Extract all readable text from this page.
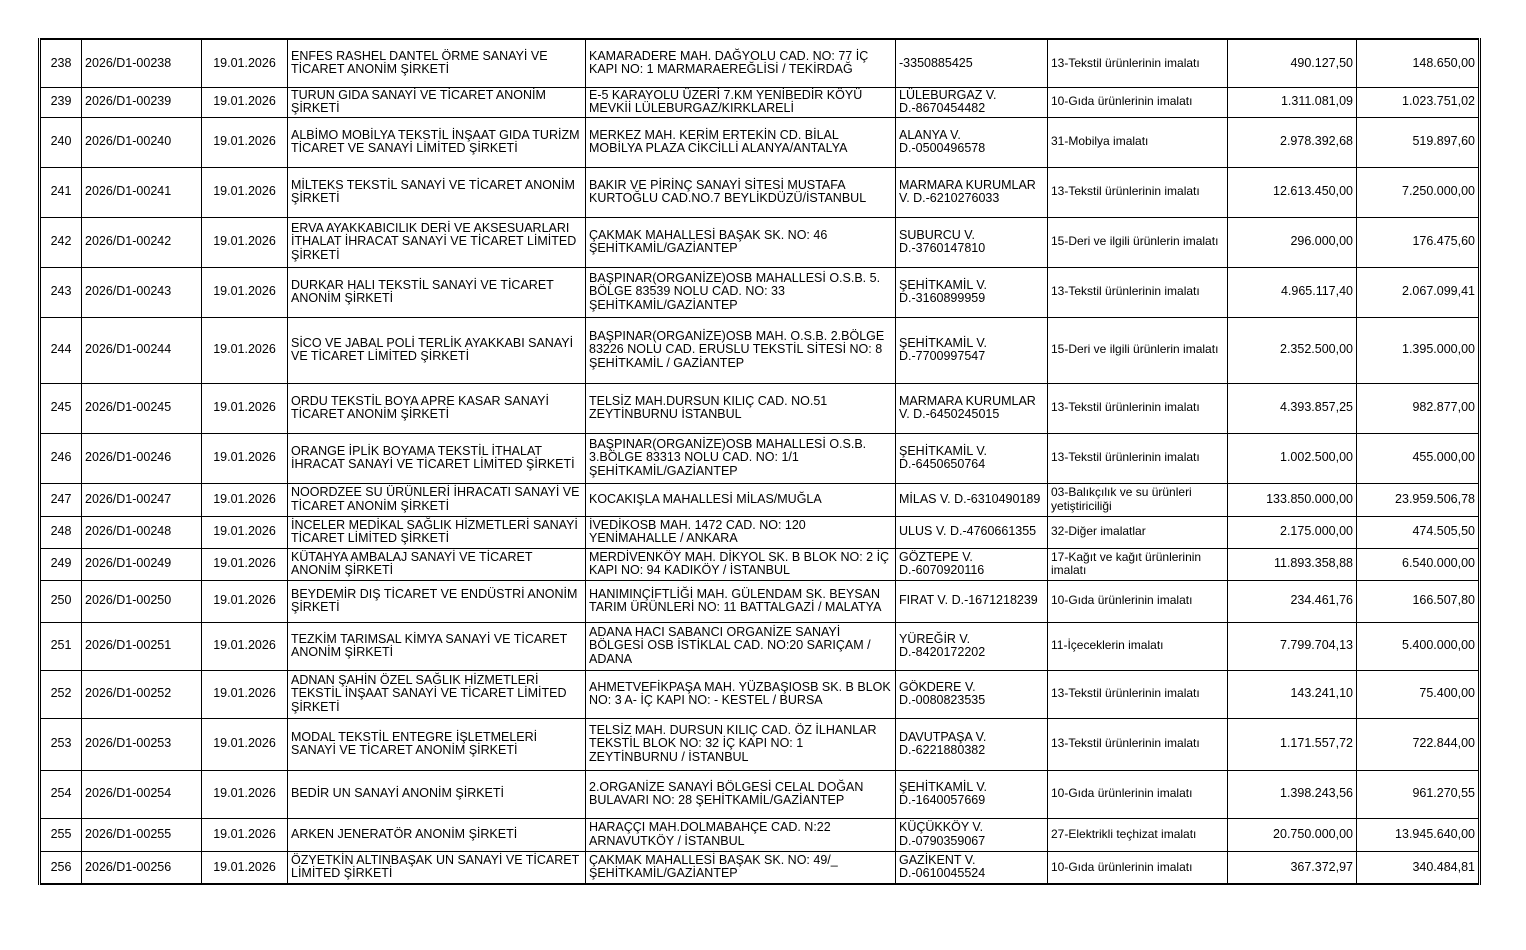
238	2026/D1-00238	19.01.2026	ENFES RASHEL DANTEL ÖRME SANAYİ VE TİCARET ANONİM ŞİRKETİ	KAMARADERE MAH. DAĞYOLU CAD. NO: 77 İÇ KAPI NO: 1 MARMARAEREĞLİSİ / TEKİRDAĞ	-3350885425	13-Tekstil ürünlerinin imalatı	490.127,50	148.650,00
239	2026/D1-00239	19.01.2026	TURUN GIDA SANAYİ VE TİCARET ANONİM ŞİRKETİ	E-5 KARAYOLU ÜZERİ 7.KM YENİBEDİR KÖYÜ MEVKİİ LÜLEBURGAZ/KIRKLARELİ	LÜLEBURGAZ V. D.-8670454482	10-Gıda ürünlerinin imalatı	1.311.081,09	1.023.751,02
240	2026/D1-00240	19.01.2026	ALBİMO MOBİLYA TEKSTİL İNŞAAT GIDA TURİZM TİCARET VE SANAYİ LİMİTED ŞİRKETİ	MERKEZ MAH. KERİM ERTEKİN CD. BİLAL MOBİLYA PLAZA CİKCİLLİ ALANYA/ANTALYA	ALANYA V. D.-0500496578	31-Mobilya imalatı	2.978.392,68	519.897,60
241	2026/D1-00241	19.01.2026	MİLTEKS TEKSTİL SANAYİ VE TİCARET ANONİM ŞİRKETİ	BAKIR VE PİRİNÇ SANAYİ SİTESİ MUSTAFA KURTOĞLU CAD.NO.7 BEYLİKDÜZÜ/İSTANBUL	MARMARA KURUMLAR V. D.-6210276033	13-Tekstil ürünlerinin imalatı	12.613.450,00	7.250.000,00
242	2026/D1-00242	19.01.2026	ERVA AYAKKABICILIK DERİ VE AKSESUARLARI İTHALAT İHRACAT SANAYİ VE TİCARET LİMİTED ŞİRKETİ	ÇAKMAK MAHALLESİ BAŞAK SK. NO: 46 ŞEHİTKAMİL/GAZİANTEP	SUBURCU V. D.-3760147810	15-Deri ve ilgili ürünlerin imalatı	296.000,00	176.475,60
243	2026/D1-00243	19.01.2026	DURKAR HALI TEKSTİL SANAYİ VE TİCARET ANONİM ŞİRKETİ	BAŞPINAR(ORGANİZE)OSB MAHALLESİ O.S.B. 5. BÖLGE 83539 NOLU CAD. NO: 33 ŞEHİTKAMİL/GAZİANTEP	ŞEHİTKAMİL V. D.-3160899959	13-Tekstil ürünlerinin imalatı	4.965.117,40	2.067.099,41
244	2026/D1-00244	19.01.2026	SİCO VE JABAL POLİ TERLİK AYAKKABI SANAYİ VE TİCARET LİMİTED ŞİRKETİ	BAŞPINAR(ORGANİZE)OSB MAH. O.S.B. 2.BÖLGE 83226 NOLU CAD. ERUSLU TEKSTİL SİTESİ NO: 8 ŞEHİTKAMİL / GAZİANTEP	ŞEHİTKAMİL V. D.-7700997547	15-Deri ve ilgili ürünlerin imalatı	2.352.500,00	1.395.000,00
245	2026/D1-00245	19.01.2026	ORDU TEKSTİL BOYA APRE KASAR SANAYİ TİCARET ANONİM ŞİRKETİ	TELSİZ MAH.DURSUN KILIÇ CAD. NO.51 ZEYTİNBURNU İSTANBUL	MARMARA KURUMLAR V. D.-6450245015	13-Tekstil ürünlerinin imalatı	4.393.857,25	982.877,00
246	2026/D1-00246	19.01.2026	ORANGE İPLİK BOYAMA TEKSTİL İTHALAT İHRACAT SANAYİ VE TİCARET LİMİTED ŞİRKETİ	BAŞPINAR(ORGANİZE)OSB MAHALLESİ O.S.B. 3.BÖLGE 83313 NOLU CAD. NO: 1/1 ŞEHİTKAMİL/GAZİANTEP	ŞEHİTKAMİL V. D.-6450650764	13-Tekstil ürünlerinin imalatı	1.002.500,00	455.000,00
247	2026/D1-00247	19.01.2026	NOORDZEE SU ÜRÜNLERİ İHRACATI SANAYİ VE TİCARET ANONİM ŞİRKETİ	KOCAKIŞLA MAHALLESİ MİLAS/MUĞLA	MİLAS V. D.-6310490189	03-Balıkçılık ve su ürünleri yetiştiriciliği	133.850.000,00	23.959.506,78
248	2026/D1-00248	19.01.2026	İNCELER MEDİKAL SAĞLIK HİZMETLERİ SANAYİ TİCARET LİMİTED ŞİRKETİ	İVEDİKOSB MAH. 1472 CAD. NO: 120 YENİMAHALLE / ANKARA	ULUS V. D.-4760661355	32-Diğer imalatlar	2.175.000,00	474.505,50
249	2026/D1-00249	19.01.2026	KÜTAHYA AMBALAJ SANAYİ VE TİCARET ANONİM ŞİRKETİ	MERDİVENKÖY MAH. DİKYOL SK. B BLOK NO: 2 İÇ KAPI NO: 94 KADIKÖY / İSTANBUL	GÖZTEPE V. D.-6070920116	17-Kağıt ve kağıt ürünlerinin imalatı	11.893.358,88	6.540.000,00
250	2026/D1-00250	19.01.2026	BEYDEMİR DIŞ TİCARET VE ENDÜSTRİ ANONİM ŞİRKETİ	HANIMINÇİFTLİĞİ MAH. GÜLENDAM SK. BEYSAN TARIM ÜRÜNLERİ NO: 11 BATTALGAZİ / MALATYA	FIRAT V. D.-1671218239	10-Gıda ürünlerinin imalatı	234.461,76	166.507,80
251	2026/D1-00251	19.01.2026	TEZKİM TARIMSAL KİMYA SANAYİ VE TİCARET ANONİM ŞİRKETİ	ADANA HACI SABANCI ORGANİZE SANAYİ BÖLGESİ OSB İSTİKLAL CAD. NO:20 SARIÇAM / ADANA	YÜREĞİR V. D.-8420172202	11-İçeceklerin imalatı	7.799.704,13	5.400.000,00
252	2026/D1-00252	19.01.2026	ADNAN ŞAHİN ÖZEL SAĞLIK HİZMETLERİ TEKSTİL İNŞAAT SANAYİ VE TİCARET LİMİTED ŞİRKETİ	AHMETVEFİKPAŞA MAH. YÜZBAŞIOSB SK. B BLOK NO: 3 A- İÇ KAPI NO: - KESTEL / BURSA	GÖKDERE V. D.-0080823535	13-Tekstil ürünlerinin imalatı	143.241,10	75.400,00
253	2026/D1-00253	19.01.2026	MODAL TEKSTİL ENTEGRE İŞLETMELERİ SANAYİ VE TİCARET ANONİM ŞİRKETİ	TELSİZ MAH. DURSUN KILIÇ CAD. ÖZ İLHANLAR TEKSTİL BLOK NO: 32 İÇ KAPI NO: 1 ZEYTİNBURNU / İSTANBUL	DAVUTPAŞA V. D.-6221880382	13-Tekstil ürünlerinin imalatı	1.171.557,72	722.844,00
254	2026/D1-00254	19.01.2026	BEDİR UN SANAYİ ANONİM ŞİRKETİ	2.ORGANİZE SANAYİ BÖLGESİ CELAL DOĞAN BULAVARI NO: 28 ŞEHİTKAMİL/GAZİANTEP	ŞEHİTKAMİL V. D.-1640057669	10-Gıda ürünlerinin imalatı	1.398.243,56	961.270,55
255	2026/D1-00255	19.01.2026	ARKEN JENERATÖR ANONİM ŞİRKETİ	HARAÇÇI MAH.DOLMABAHÇE CAD. N:22 ARNAVUTKÖY / İSTANBUL	KÜÇÜKKÖY V. D.-0790359067	27-Elektrikli teçhizat imalatı	20.750.000,00	13.945.640,00
256	2026/D1-00256	19.01.2026	ÖZYETKİN ALTINBAŞAK UN SANAYİ VE TİCARET LİMİTED ŞİRKETİ	ÇAKMAK MAHALLESİ BAŞAK SK. NO: 49/_ ŞEHİTKAMİL/GAZİANTEP	GAZİKENT V. D.-0610045524	10-Gıda ürünlerinin imalatı	367.372,97	340.484,81
